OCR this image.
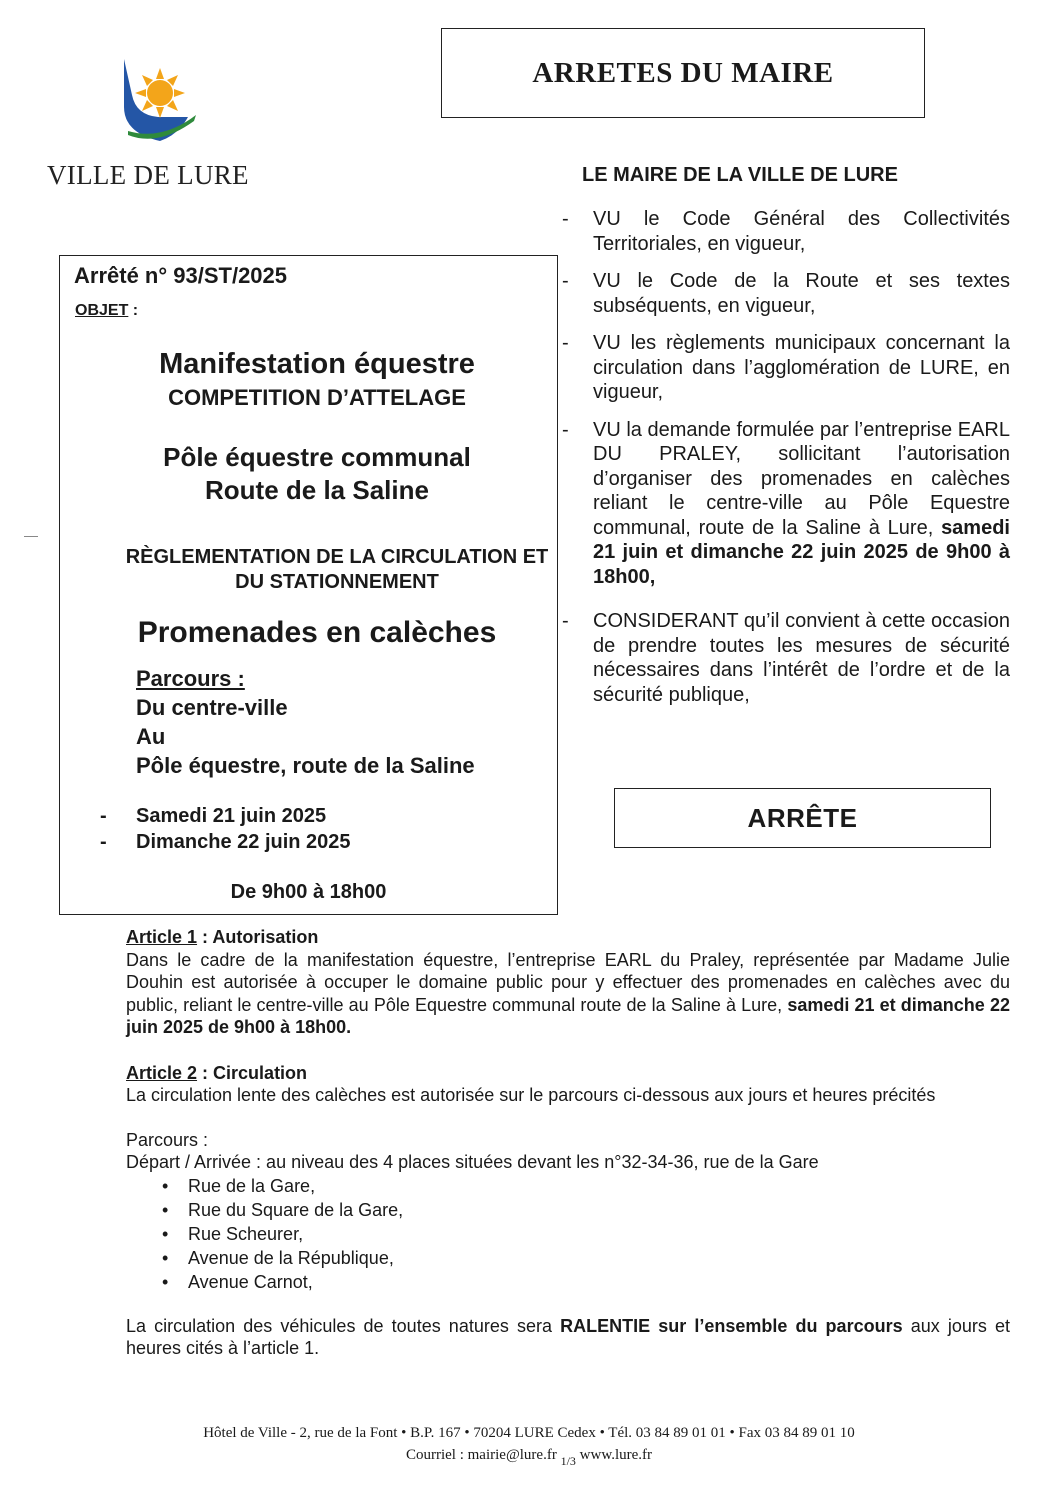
VILLE DE LURE
ARRETES DU MAIRE
LE MAIRE DE LA VILLE DE LURE
Arrêté n° 93/ST/2025
OBJET :
Manifestation équestre
COMPETITION D’ATTELAGE
Pôle équestre communal
Route de la Saline
RÈGLEMENTATION DE LA CIRCULATION ET
DU STATIONNEMENT
Promenades en calèches
Parcours :
Du centre-ville
Au
Pôle équestre, route de la Saline
- Samedi 21 juin 2025
- Dimanche 22 juin 2025
De 9h00 à 18h00
-	VU le Code Général des Collectivités Territoriales, en vigueur,
-	VU le Code de la Route et ses textes subséquents, en vigueur,
-	VU les règlements municipaux concernant la circulation dans l’agglomération de LURE, en vigueur,
-	VU la demande formulée par l’entreprise EARL DU PRALEY, sollicitant l’autorisation d’organiser des promenades en calèches reliant le centre-ville au Pôle Equestre communal, route de la Saline à Lure, samedi 21 juin et dimanche 22 juin 2025 de 9h00 à 18h00,
-	CONSIDERANT qu’il convient à cette occasion de prendre toutes les mesures de sécurité nécessaires dans l’intérêt de l’ordre et de la sécurité publique,
ARRÊTE

Article 1 : Autorisation

Dans le cadre de la manifestation équestre, l’entreprise EARL du Praley, représentée par Madame Julie Douhin est autorisée à occuper le domaine public pour y effectuer des promenades en calèches avec du public, reliant le centre-ville au Pôle Equestre communal route de la Saline à Lure, samedi 21 et dimanche 22 juin 2025 de 9h00 à 18h00.

Article 2 : Circulation

La circulation lente des calèches est autorisée sur le parcours ci-dessous aux jours et heures précités

Parcours :

Départ / Arrivée : au niveau des 4 places situées devant les n°32-34-36, rue de la Gare

• Rue de la Gare,
• Rue du Square de la Gare,
• Rue Scheurer,
• Avenue de la République,
• Avenue Carnot,

La circulation des véhicules de toutes natures sera RALENTIE sur l’ensemble du parcours aux jours et heures cités à l’article 1.

Hôtel de Ville - 2, rue de la Font • B.P. 167 • 70204 LURE Cedex • Tél. 03 84 89 01 01 • Fax 03 84 89 01 10
Courriel : mairie@lure.fr $_{1/3}$ www.lure.fr
